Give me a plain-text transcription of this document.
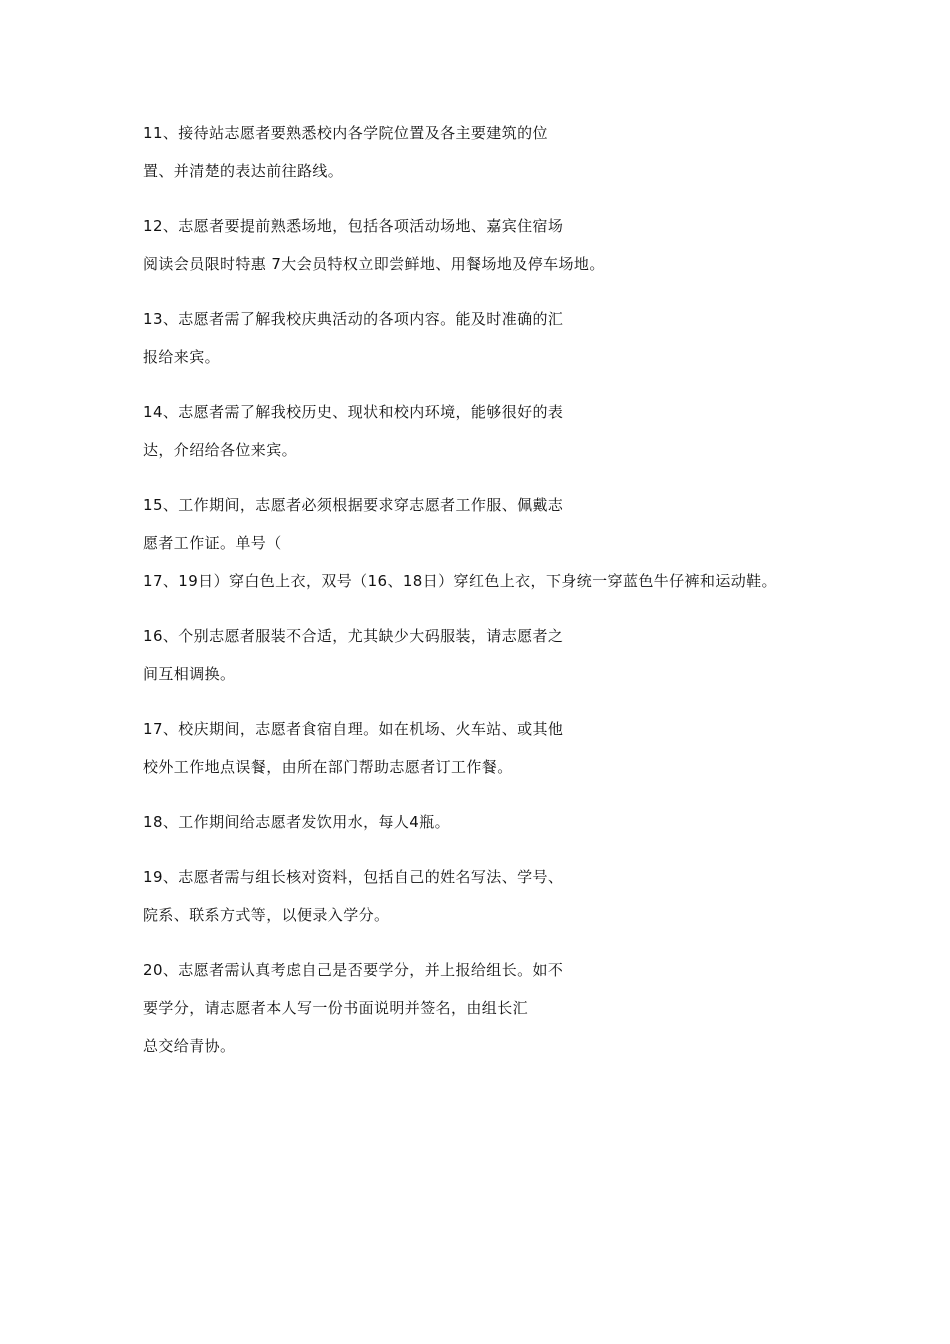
11、接待站志愿者要熟悉校内各学院位置及各主要建筑的位
置、并清楚的表达前往路线。
12、志愿者要提前熟悉场地，包括各项活动场地、嘉宾住宿场
阅读会员限时特惠 7大会员特权立即尝鲜地、用餐场地及停车场地。
13、志愿者需了解我校庆典活动的各项内容。能及时准确的汇
报给来宾。
14、志愿者需了解我校历史、现状和校内环境，能够很好的表
达，介绍给各位来宾。
15、工作期间，志愿者必须根据要求穿志愿者工作服、佩戴志
愿者工作证。单号（
17、19日）穿白色上衣，双号（16、18日）穿红色上衣，下身统一穿蓝色牛仔裤和运动鞋。
16、个别志愿者服装不合适，尤其缺少大码服装，请志愿者之
间互相调换。
17、校庆期间，志愿者食宿自理。如在机场、火车站、或其他
校外工作地点误餐，由所在部门帮助志愿者订工作餐。
18、工作期间给志愿者发饮用水，每人4瓶。
19、志愿者需与组长核对资料，包括自己的姓名写法、学号、
院系、联系方式等，以便录入学分。
20、志愿者需认真考虑自己是否要学分，并上报给组长。如不
要学分，请志愿者本人写一份书面说明并签名，由组长汇
总交给青协。
